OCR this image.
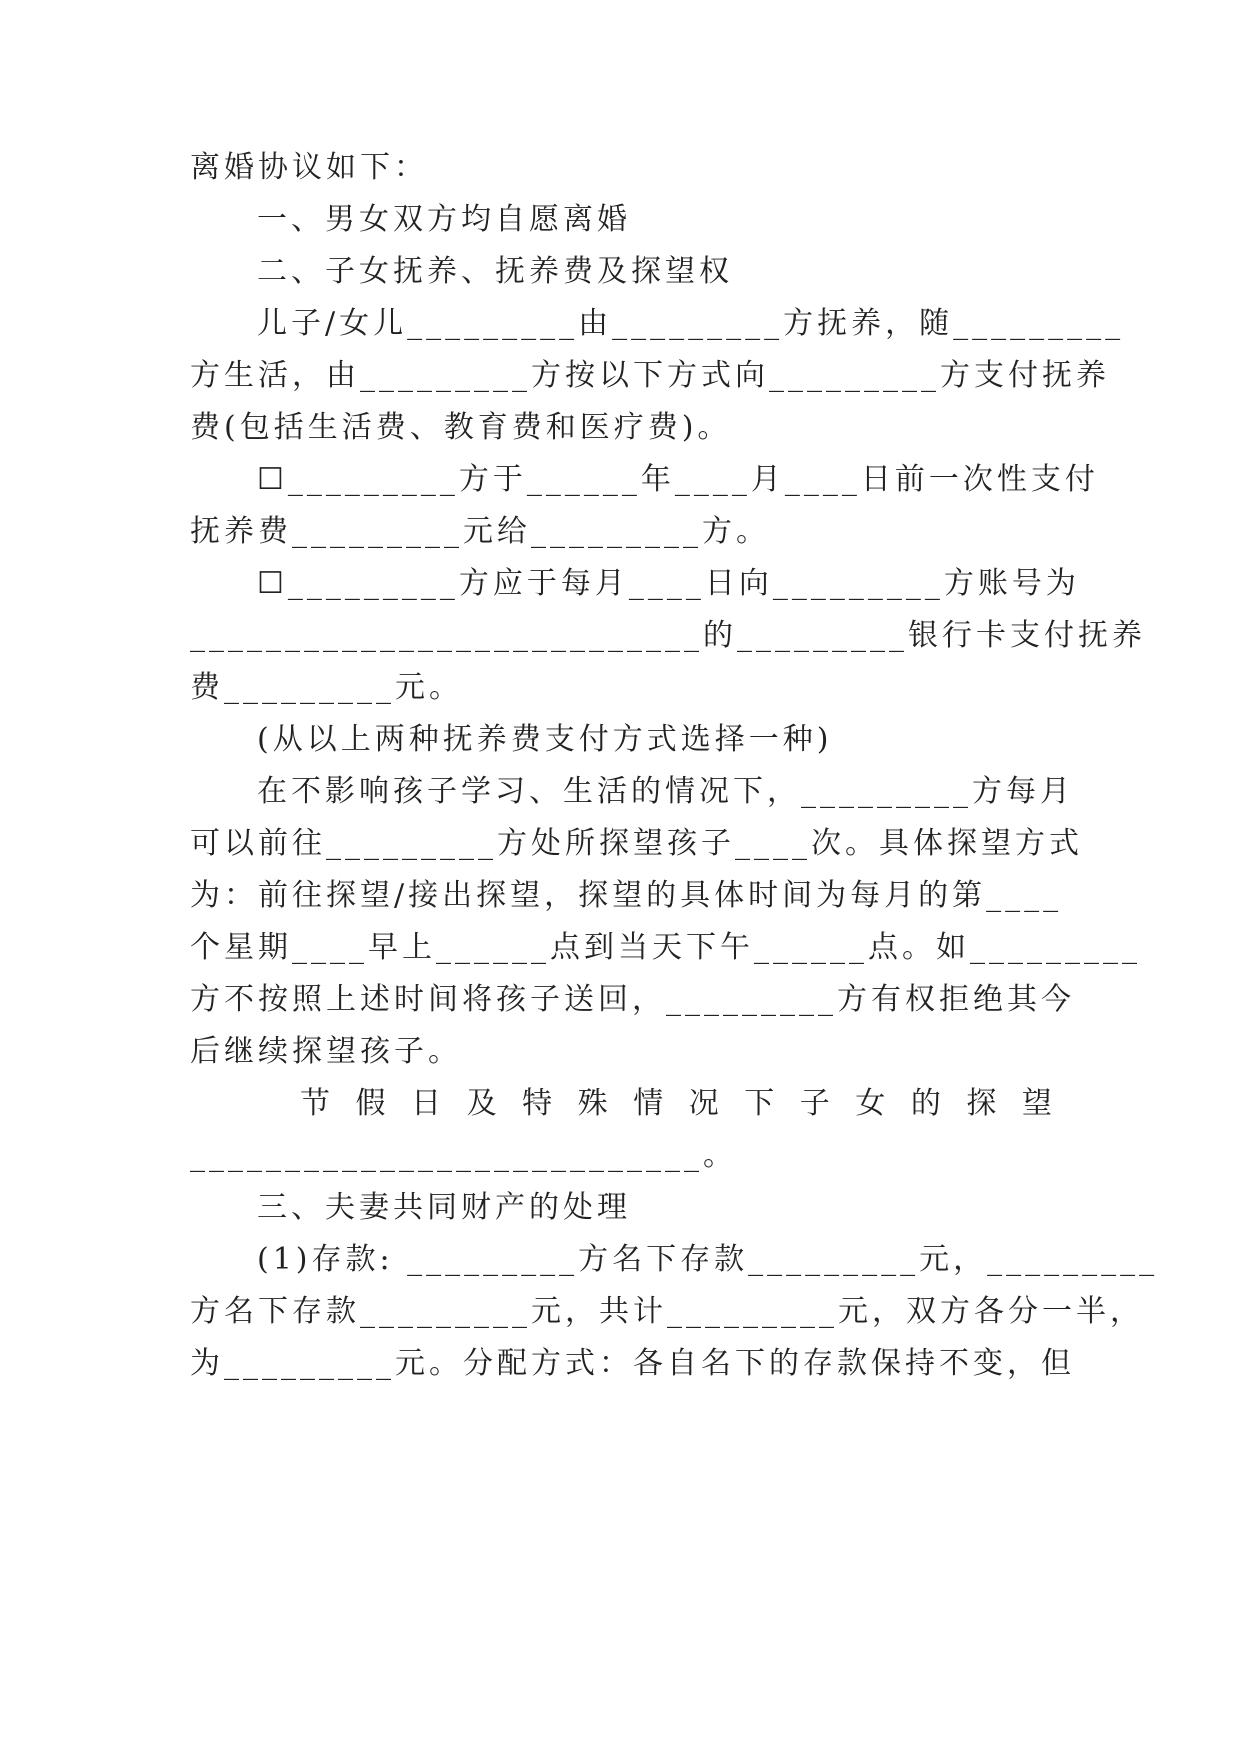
离婚协议如下：
一、男女双方均自愿离婚
二、子女抚养、抚养费及探望权
儿子/女儿_________由_________方抚养，随_________
方生活，由_________方按以下方式向_________方支付抚养
费(包括生活费、教育费和医疗费)。
☐_________方于______年____月____日前一次性支付
抚养费_________元给_________方。
☐_________方应于每月____日向_________方账号为
___________________________的_________银行卡支付抚养
费_________元。
(从以上两种抚养费支付方式选择一种)
在不影响孩子学习、生活的情况下，_________方每月
可以前往_________方处所探望孩子____次。具体探望方式
为：前往探望/接出探望，探望的具体时间为每月的第____
个星期____早上______点到当天下午______点。如_________
方不按照上述时间将孩子送回，_________方有权拒绝其今
后继续探望孩子。
节 假 日 及 特 殊 情 况 下 子 女 的 探 望
___________________________。
三、夫妻共同财产的处理
(1)存款: _________方名下存款_________元，_________
方名下存款_________元，共计_________元，双方各分一半，
为_________元。分配方式：各自名下的存款保持不变，但
